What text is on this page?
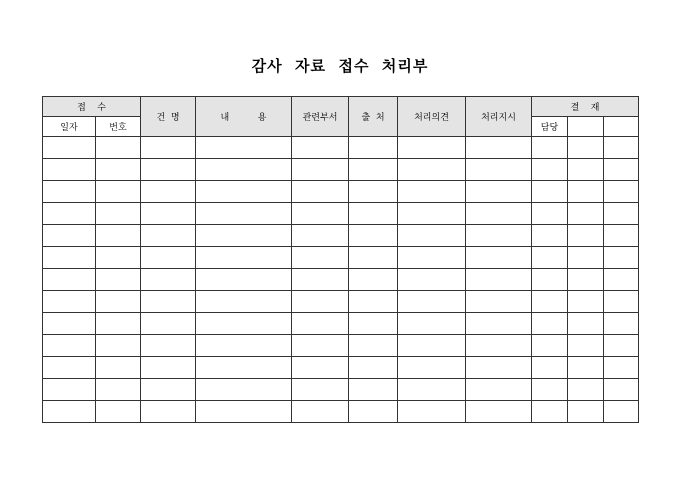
감사  자료  접수  처리부
접    수		건  명	내          용	관련부서	출  처	처리의견	처리지시	결    재		
일자	번호							담당		
